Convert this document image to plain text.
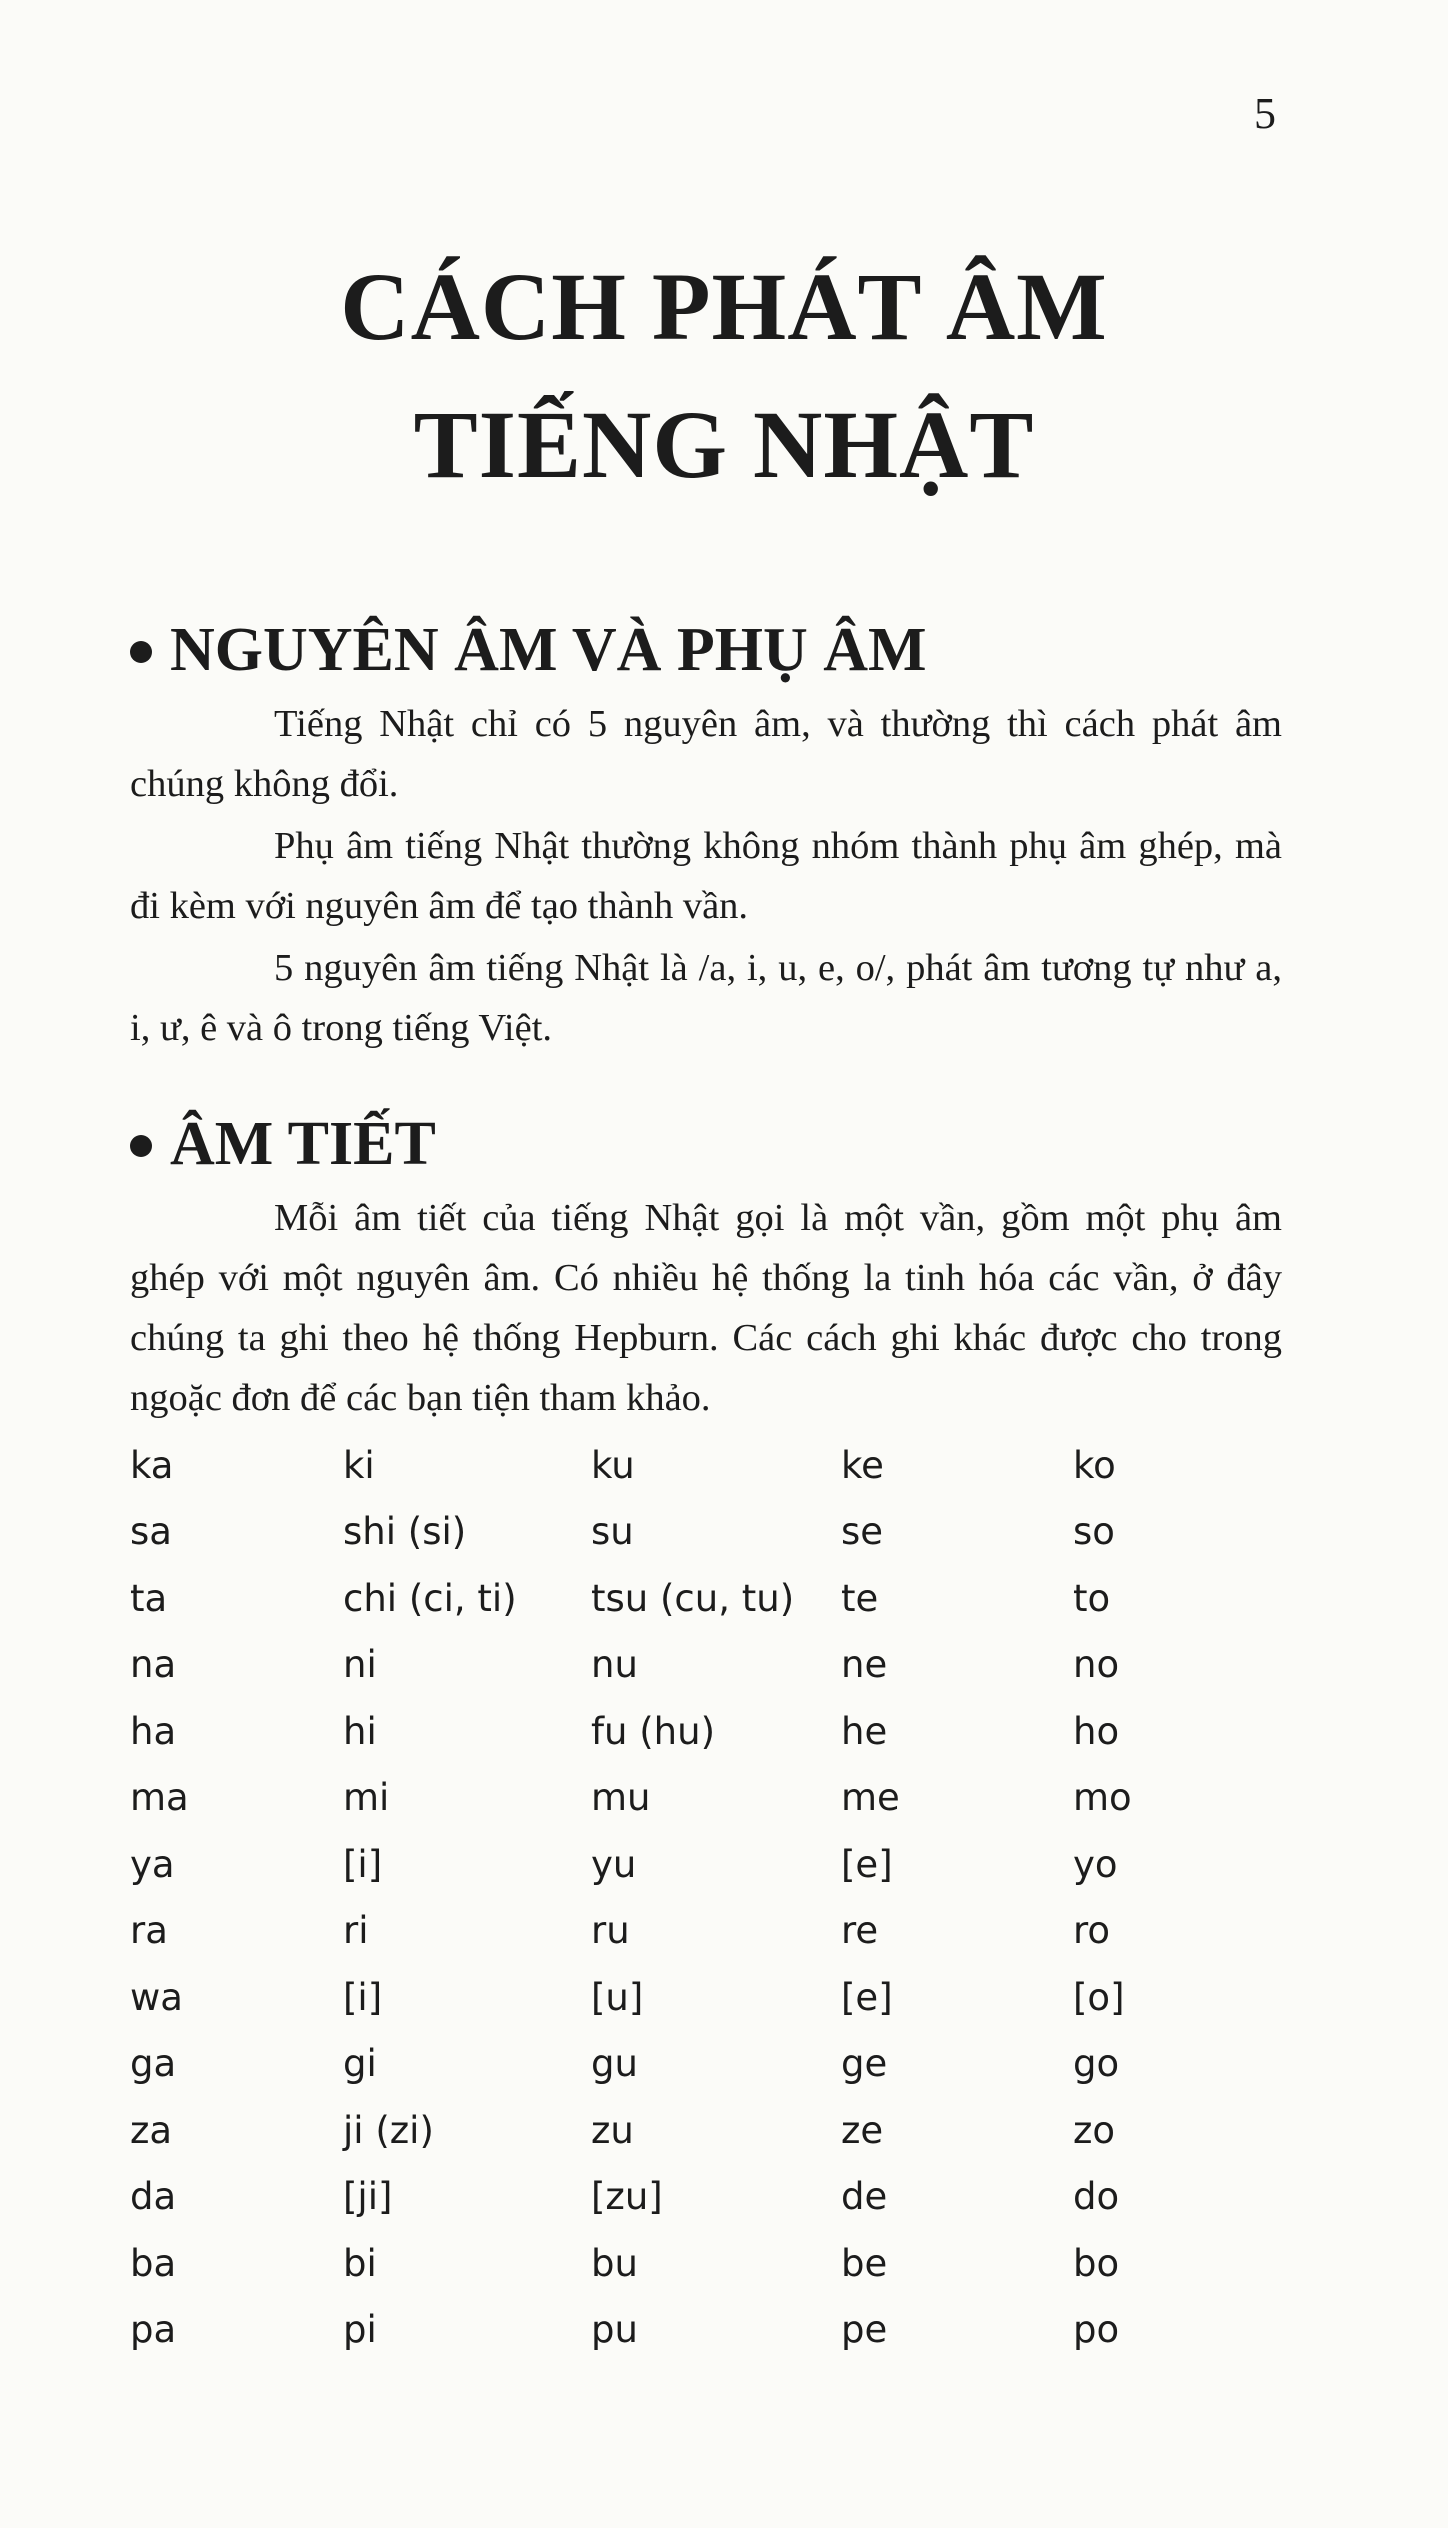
5
CÁCH PHÁT ÂM
TIẾNG NHẬT
NGUYÊN ÂM VÀ PHỤ ÂM

Tiếng Nhật chỉ có 5 nguyên âm, và thường thì cách phát âm chúng không đổi.

Phụ âm tiếng Nhật thường không nhóm thành phụ âm ghép, mà đi kèm với nguyên âm để tạo thành vần.

5 nguyên âm tiếng Nhật là /a, i, u, e, o/, phát âm tương tự như a, i, ư, ê và ô trong tiếng Việt.

ÂM TIẾT

Mỗi âm tiết của tiếng Nhật gọi là một vần, gồm một phụ âm ghép với một nguyên âm. Có nhiều hệ thống la tinh hóa các vần, ở đây chúng ta ghi theo hệ thống Hepburn. Các cách ghi khác được cho trong ngoặc đơn để các bạn tiện tham khảo.

ka	ki	ku	ke	ko
sa	shi (si)	su	se	so
ta	chi (ci, ti)	tsu (cu, tu)	te	to
na	ni	nu	ne	no
ha	hi	fu (hu)	he	ho
ma	mi	mu	me	mo
ya	[i]	yu	[e]	yo
ra	ri	ru	re	ro
wa	[i]	[u]	[e]	[o]
ga	gi	gu	ge	go
za	ji (zi)	zu	ze	zo
da	[ji]	[zu]	de	do
ba	bi	bu	be	bo
pa	pi	pu	pe	po
